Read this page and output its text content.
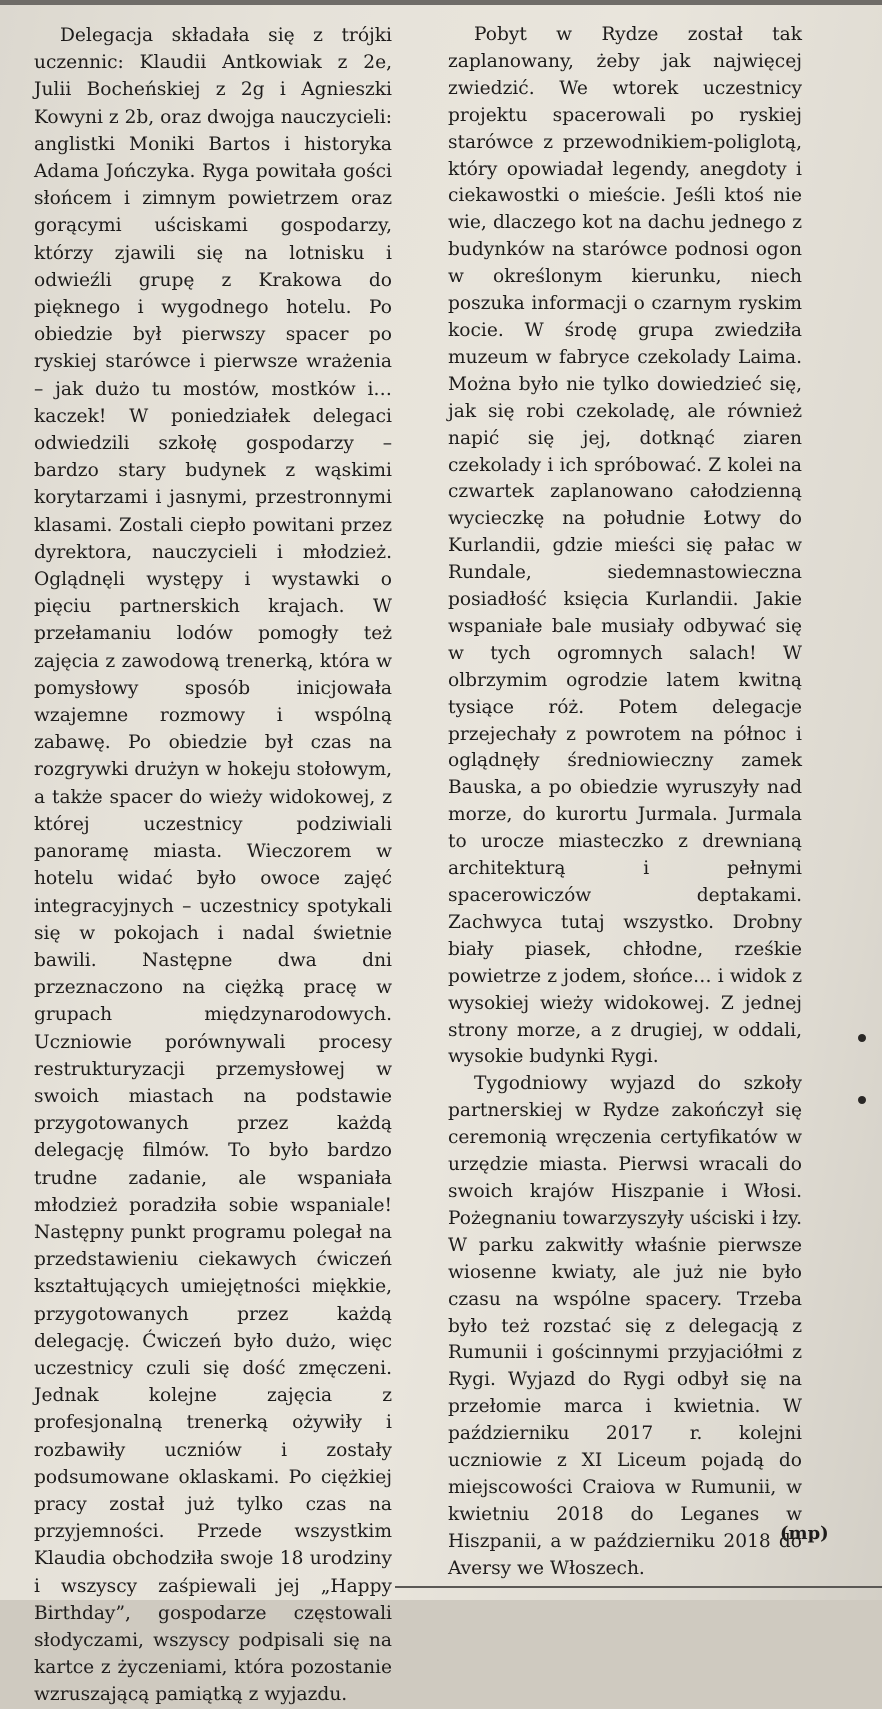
Delegacja składała się z trójki uczennic: Klaudii Antkowiak z 2e, Julii Bocheńskiej z 2g i Agnieszki Kowyni z 2b, oraz dwojga nauczycieli: anglistki Moniki Bartos i historyka Adama Jończyka. Ryga powitała gości słońcem i zimnym powietrzem oraz gorącymi uściskami gospodarzy, którzy zjawili się na lotnisku i odwieźli grupę z Krakowa do pięknego i wygodnego hotelu. Po obiedzie był pierwszy spacer po ryskiej starówce i pierwsze wrażenia – jak dużo tu mostów, mostków i… kaczek! W poniedziałek delegaci odwiedzili szkołę gospodarzy – bardzo stary budynek z wąskimi korytarzami i jasnymi, przestronnymi klasami. Zostali ciepło powitani przez dyrektora, nauczycieli i młodzież. Oglądnęli występy i wystawki o pięciu partnerskich krajach. W przełamaniu lodów pomogły też zajęcia z zawodową trenerką, która w pomysłowy sposób inicjowała wzajemne rozmowy i wspólną zabawę. Po obiedzie był czas na rozgrywki drużyn w hokeju stołowym, a także spacer do wieży widokowej, z której uczestnicy podziwiali panoramę miasta. Wieczorem w hotelu widać było owoce zajęć integracyjnych – uczestnicy spotykali się w pokojach i nadal świetnie bawili. Następne dwa dni przeznaczono na ciężką pracę w grupach międzynarodowych. Uczniowie porównywali procesy restrukturyzacji przemysłowej w swoich miastach na podstawie przygotowanych przez każdą delegację filmów. To było bardzo trudne zadanie, ale wspaniała młodzież poradziła sobie wspaniale! Następny punkt programu polegał na przedstawieniu ciekawych ćwiczeń kształtujących umiejętności miękkie, przygotowanych przez każdą delegację. Ćwiczeń było dużo, więc uczestnicy czuli się dość zmęczeni. Jednak kolejne zajęcia z profesjonalną trenerką ożywiły i rozbawiły uczniów i zostały podsumowane oklaskami. Po ciężkiej pracy został już tylko czas na przyjemności. Przede wszystkim Klaudia obchodziła swoje 18 urodziny i wszyscy zaśpiewali jej „Happy Birthday”, gospodarze częstowali słodyczami, wszyscy podpisali się na kartce z życzeniami, która pozostanie wzruszającą pamiątką z wyjazdu.

Pobyt w Rydze został tak zaplanowany, żeby jak najwięcej zwiedzić. We wtorek uczestnicy projektu spacerowali po ryskiej starówce z przewodnikiem-poliglotą, który opowiadał legendy, anegdoty i ciekawostki o mieście. Jeśli ktoś nie wie, dlaczego kot na dachu jednego z budynków na starówce podnosi ogon w określonym kierunku, niech poszuka informacji o czarnym ryskim kocie. W środę grupa zwiedziła muzeum w fabryce czekolady Laima. Można było nie tylko dowiedzieć się, jak się robi czekoladę, ale również napić się jej, dotknąć ziaren czekolady i ich spróbować. Z kolei na czwartek zaplanowano całodzienną wycieczkę na południe Łotwy do Kurlandii, gdzie mieści się pałac w Rundale, siedemnastowieczna posiadłość księcia Kurlandii. Jakie wspaniałe bale musiały odbywać się w tych ogromnych salach! W olbrzymim ogrodzie latem kwitną tysiące róż. Potem delegacje przejechały z powrotem na północ i oglądnęły średniowieczny zamek Bauska, a po obiedzie wyruszyły nad morze, do kurortu Jurmala. Jurmala to urocze miasteczko z drewnianą architekturą i pełnymi spacerowiczów deptakami. Zachwyca tutaj wszystko. Drobny biały piasek, chłodne, rześkie powietrze z jodem, słońce… i widok z wysokiej wieży widokowej. Z jednej strony morze, a z drugiej, w oddali, wysokie budynki Rygi.

Tygodniowy wyjazd do szkoły partnerskiej w Rydze zakończył się ceremonią wręczenia certyfikatów w urzędzie miasta. Pierwsi wracali do swoich krajów Hiszpanie i Włosi. Pożegnaniu towarzyszyły uściski i łzy. W parku zakwitły właśnie pierwsze wiosenne kwiaty, ale już nie było czasu na wspólne spacery. Trzeba było też rozstać się z delegacją z Rumunii i gościnnymi przyjaciółmi z Rygi. Wyjazd do Rygi odbył się na przełomie marca i kwietnia. W październiku 2017 r. kolejni uczniowie z XI Liceum pojadą do miejscowości Craiova w Rumunii, w kwietniu 2018 do Leganes w Hiszpanii, a w październiku 2018 do Aversy we Włoszech.

(mp)
